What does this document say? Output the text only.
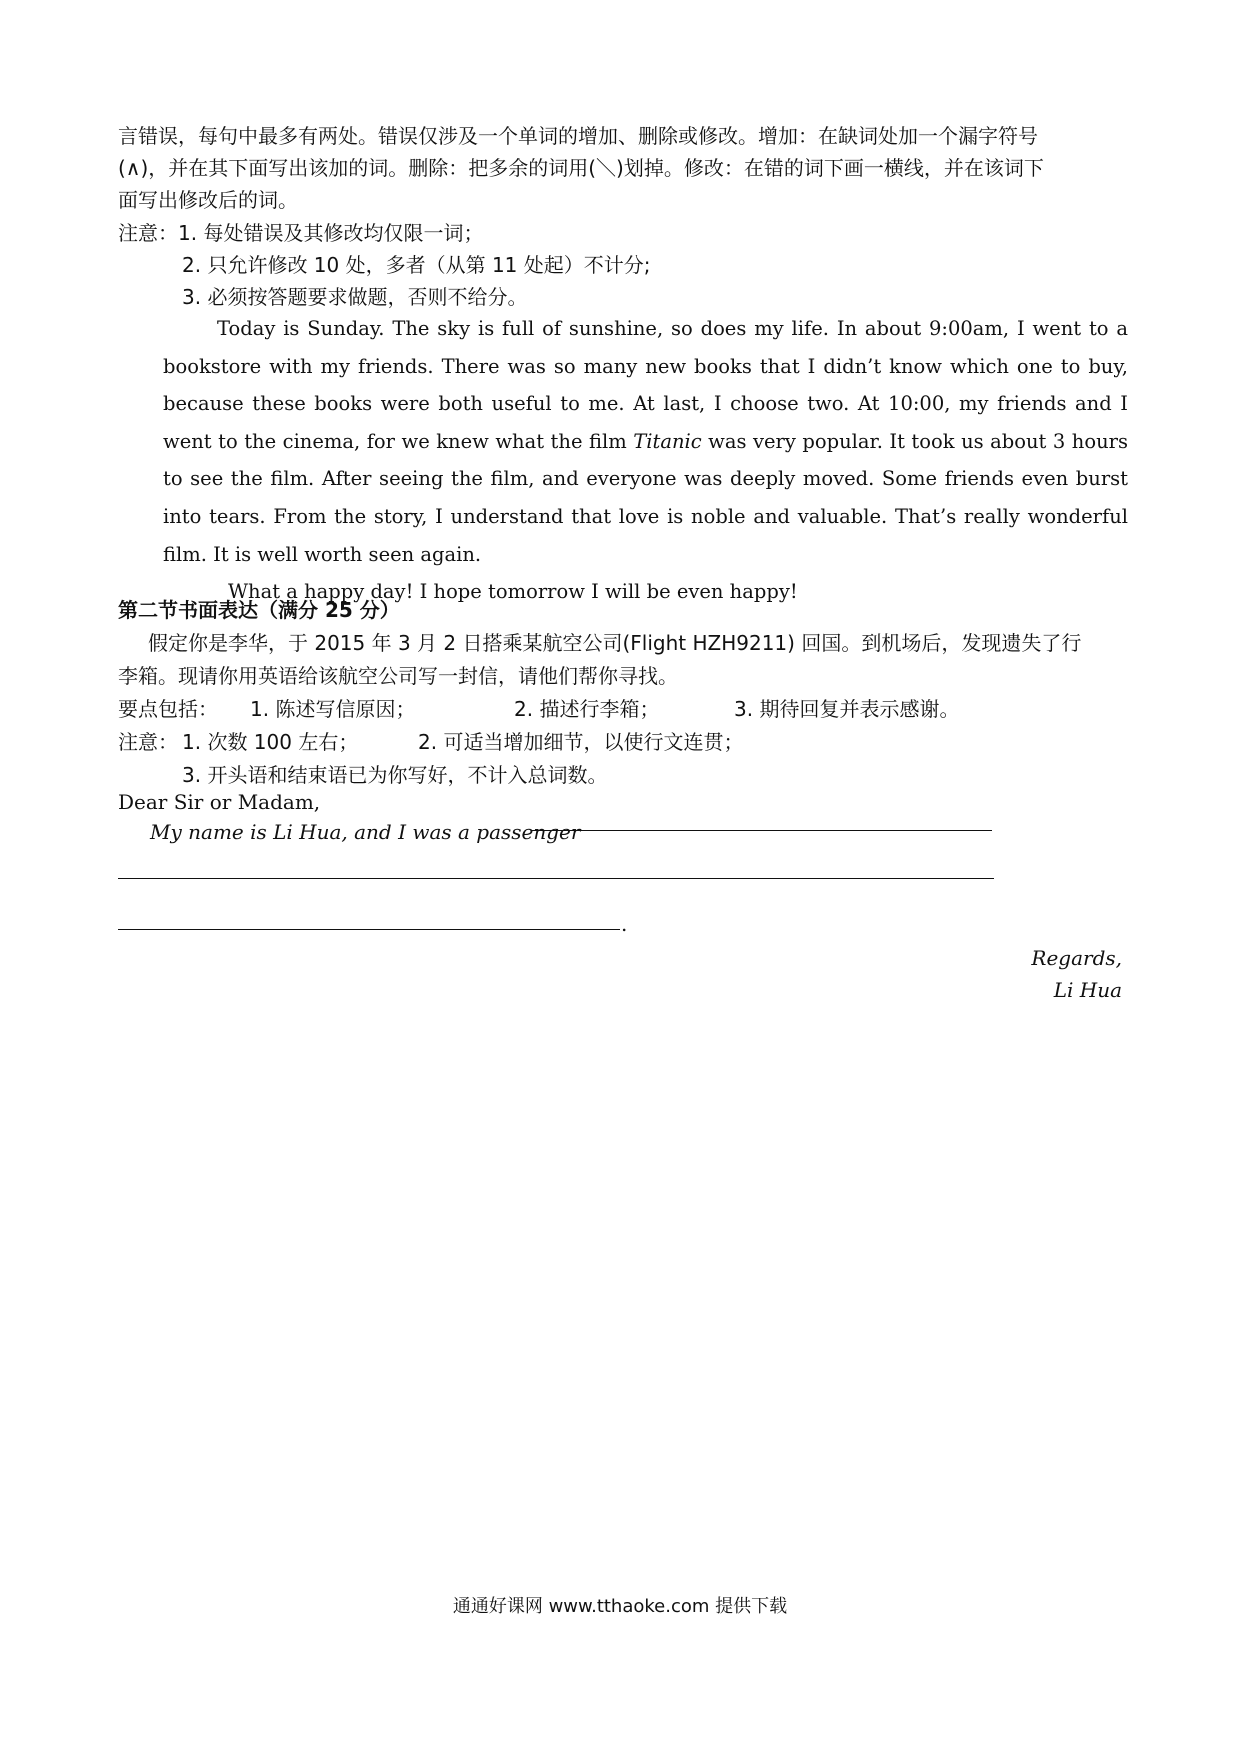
言错误，每句中最多有两处。错误仅涉及一个单词的增加、删除或修改。增加：在缺词处加一个漏字符号
(∧)，并在其下面写出该加的词。删除：把多余的词用(＼)划掉。修改：在错的词下画一横线，并在该词下
面写出修改后的词。
注意：1. 每处错误及其修改均仅限一词；
2. 只允许修改 10 处，多者（从第 11 处起）不计分;
3. 必须按答题要求做题，否则不给分。

Today is Sunday. The sky is full of sunshine, so does my life. In about 9:00am, I went to a bookstore with my friends. There was so many new books that I didn’t know which one to buy, because these books were both useful to me. At last, I choose two. At 10:00, my friends and I went to the cinema, for we knew what the film Titanic was very popular. It took us about 3 hours to see the film. After seeing the film, and everyone was deeply moved. Some friends even burst into tears. From the story, I understand that love is noble and valuable. That’s really wonderful film. It is well worth seen again.

What a happy day! I hope tomorrow I will be even happy!

第二节书面表达（满分 25 分）
假定你是李华，于 2015 年 3 月 2 日搭乘某航空公司(Flight HZH9211) 回国。到机场后，发现遗失了行
李箱。现请你用英语给该航空公司写一封信，请他们帮你寻找。
要点包括： 1. 陈述写信原因；	2. 描述行李箱；	3. 期待回复并表示感谢。
注意： 1. 次数 100 左右；	2. 可适当增加细节，以使行文连贯；
3. 开头语和结束语已为你写好，不计入总词数。
Dear Sir or Madam,
My name is Li Hua, and I was a passenger
.
Regards,
Li Hua
通通好课网 www.tthaoke.com 提供下载
